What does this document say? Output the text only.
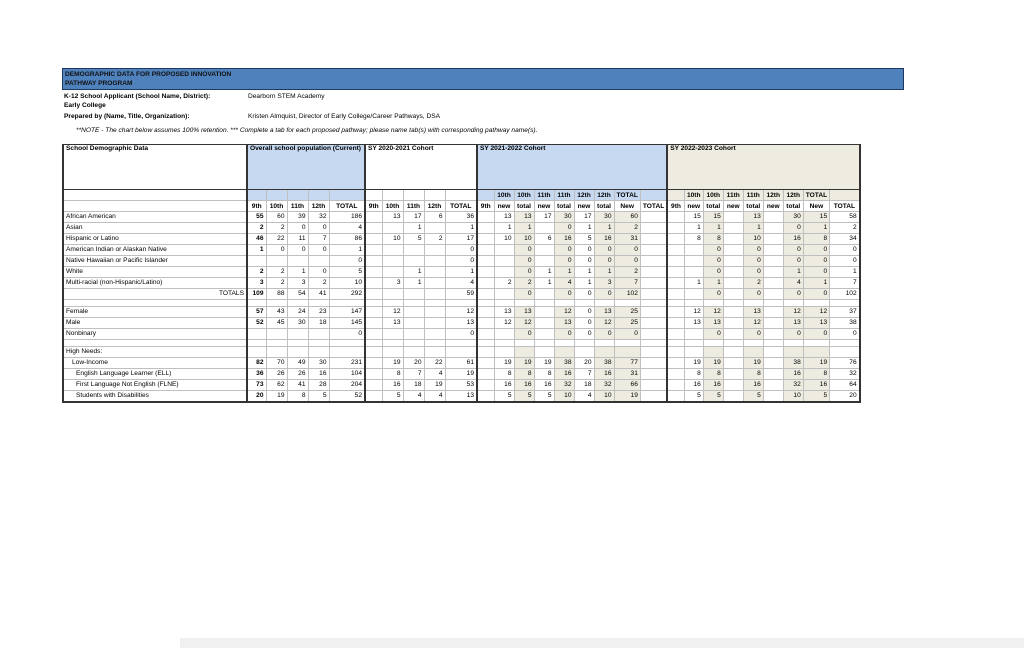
DEMOGRAPHIC DATA FOR PROPOSED INNOVATION PATHWAY PROGRAM
K-12 School Applicant (School Name, District):	Dearborn STEM Academy
Early College
Prepared by (Name, Title, Organization):	Kristen Almquist, Director of Early College/Career Pathways, DSA
**NOTE - The chart below assumes 100% retention. *** Complete a tab for each proposed pathway; please name tab(s) with corresponding pathway name(s).
School Demographic Data	Overall school population (Current)					SY 2020-2021 Cohort					SY 2021-2022 Cohort									SY 2022-2023 Cohort								
												10th	10th	11th	11th	12th	12th	TOTAL			10th	10th	11th	11th	12th	12th	TOTAL	
	9th	10th	11th	12th	TOTAL	9th	10th	11th	12th	TOTAL	9th	new	total	new	total	new	total	New	TOTAL	9th	new	total	new	total	new	total	New	TOTAL
African American	55	60	39	32	186		13	17	6	36		13	13	17	30	17	30	60			15	15		13		30	15	58
Asian	2	2	0	0	4			1		1		1	1		0	1	1	2			1	1		1		0	1	2
Hispanic or Latino	46	22	11	7	86		10	5	2	17		10	10	6	16	5	16	31			8	8		10		16	8	34
American Indian or Alaskan Native	1	0	0	0	1					0			0		0	0	0	0				0		0		0	0	0
Native Hawaiian or Pacific Islander					0					0			0		0	0	0	0				0		0		0	0	0
White	2	2	1	0	5			1		1			0	1	1	1	1	2				0		0		1	0	1
Multi-racial (non-Hispanic/Latino)	3	2	3	2	10		3	1		4		2	2	1	4	1	3	7			1	1		2		4	1	7
TOTALS	109	88	54	41	292					59			0		0	0	0	102				0		0		0	0	102

Female	57	43	24	23	147		12			12		13	13		12	0	13	25			12	12		13		12	12	37
Male	52	45	30	18	145		13			13		12	12		13	0	12	25			13	13		12		13	13	38
Nonbinary					0					0			0		0	0	0	0				0		0		0	0	0

High Needs:																												
Low-Income	82	70	49	30	231		19	20	22	61		19	19	19	38	20	38	77			19	19		19		38	19	76
English Language Learner (ELL)	36	26	26	16	104		8	7	4	19		8	8	8	16	7	16	31			8	8		8		16	8	32
First Language Not English (FLNE)	73	62	41	28	204		16	18	19	53		16	16	16	32	18	32	66			16	16		16		32	16	64
Students with Disabilities	20	19	8	5	52		5	4	4	13		5	5	5	10	4	10	19			5	5		5		10	5	20
